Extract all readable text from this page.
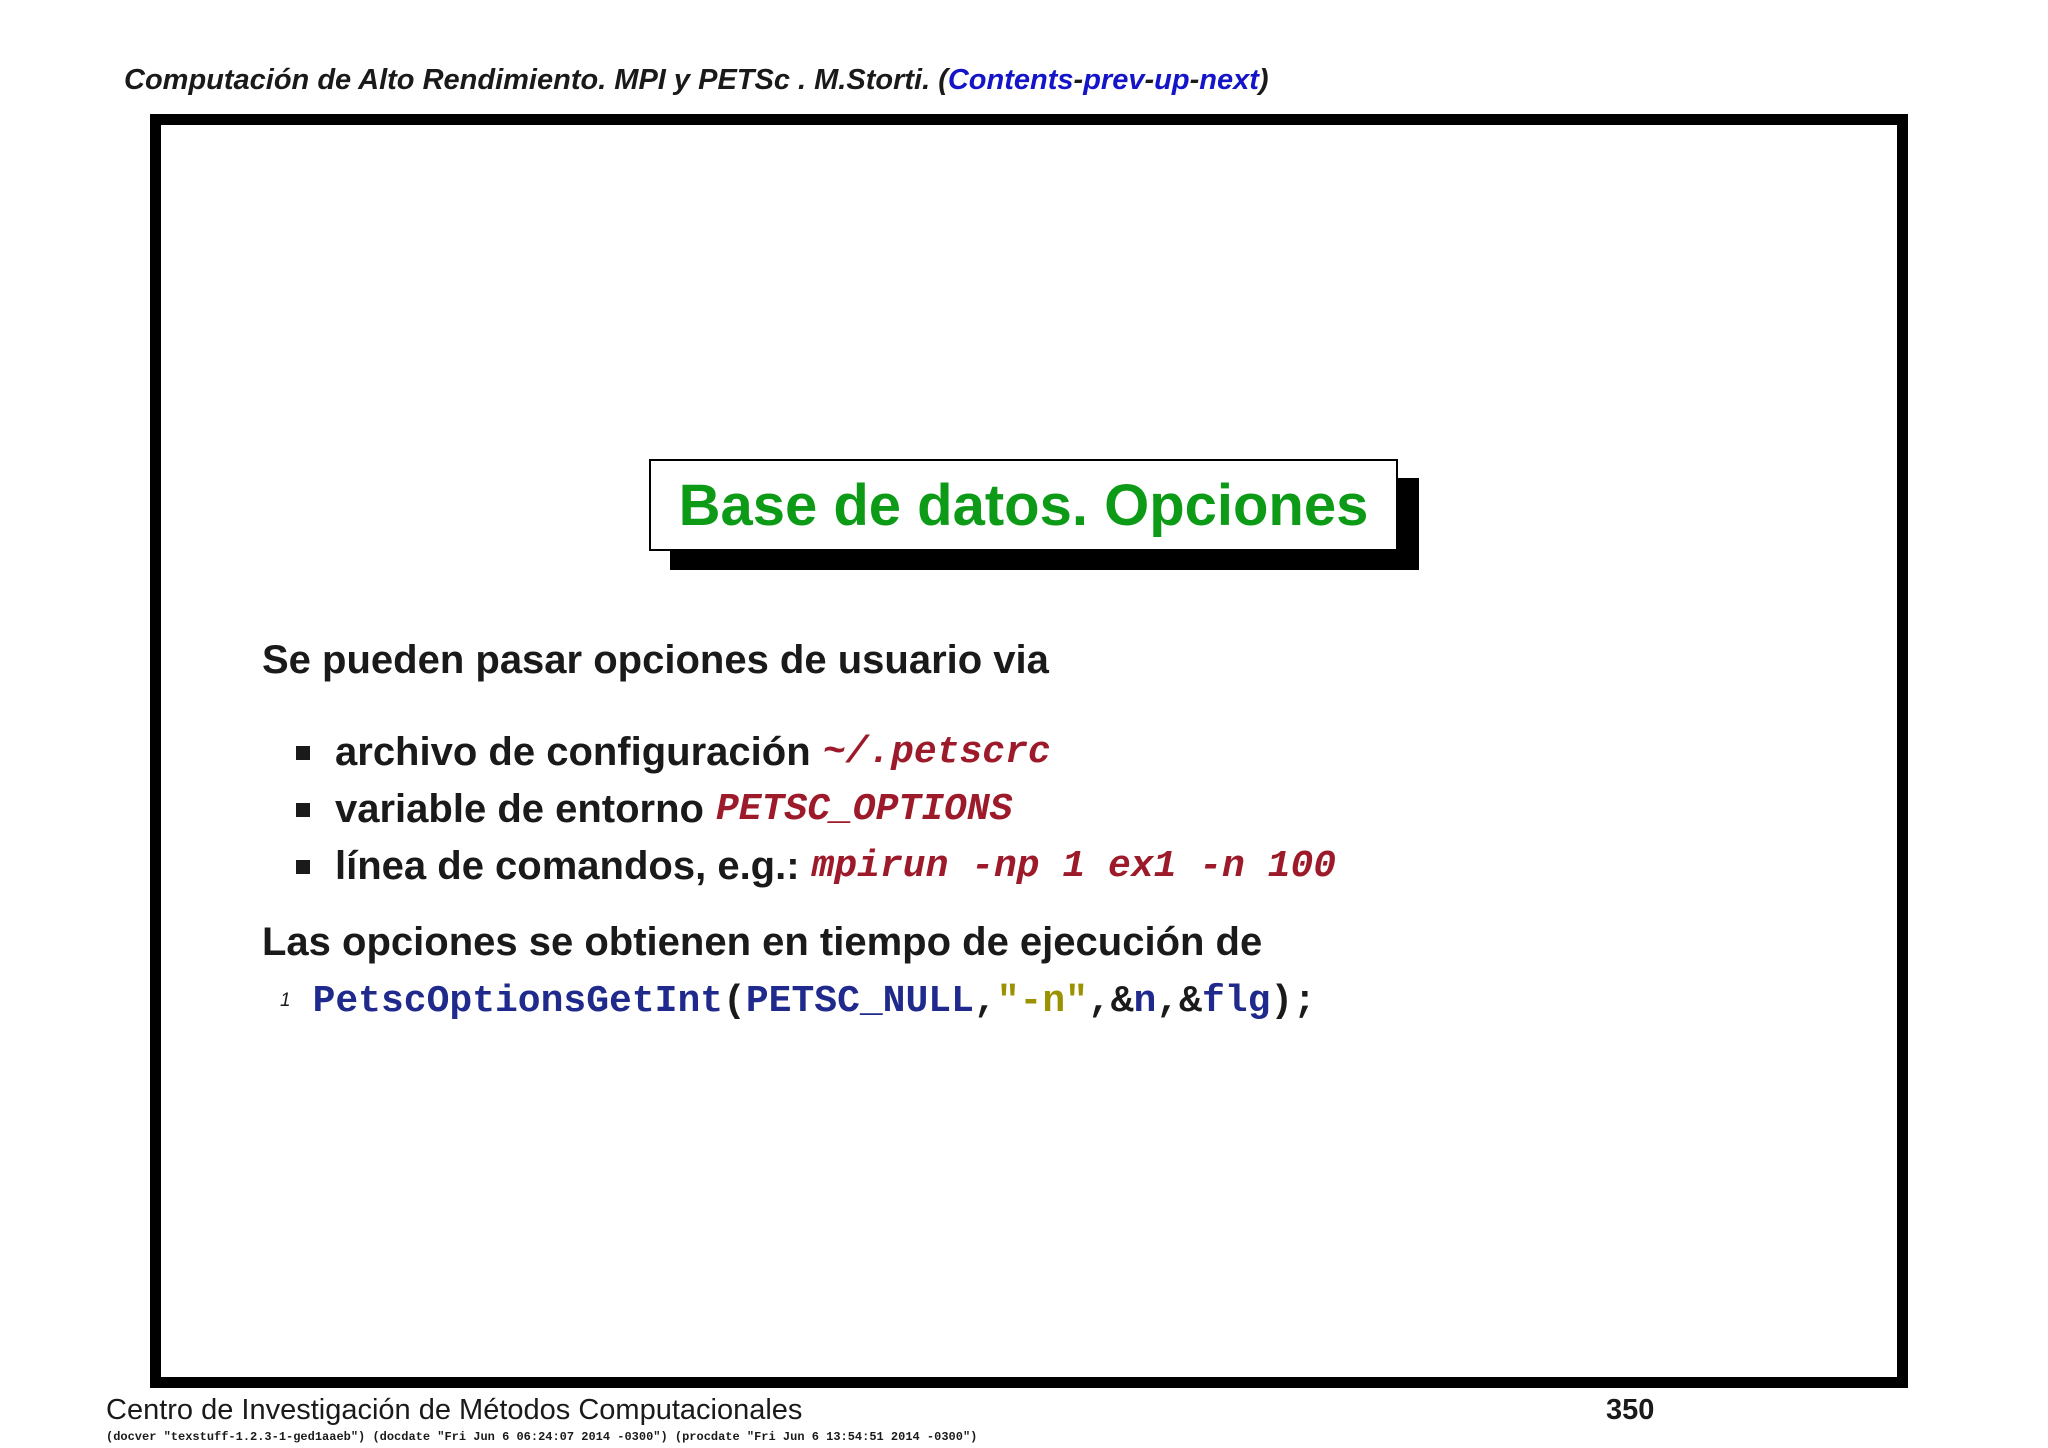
Computación de Alto Rendimiento. MPI y PETSc . M.Storti. (Contents-prev-up-next)
Base de datos. Opciones
Se pueden pasar opciones de usuario via
archivo de configuración ~/.petscrc
variable de entorno PETSC_OPTIONS
línea de comandos, e.g.: mpirun -np 1 ex1 -n 100
Las opciones se obtienen en tiempo de ejecución de
1 PetscOptionsGetInt(PETSC_NULL,"-n",&n,&flg);
Centro de Investigación de Métodos Computacionales	350
(docver "texstuff-1.2.3-1-ged1aaeb") (docdate "Fri Jun 6 06:24:07 2014 -0300") (procdate "Fri Jun 6 13:54:51 2014 -0300")
